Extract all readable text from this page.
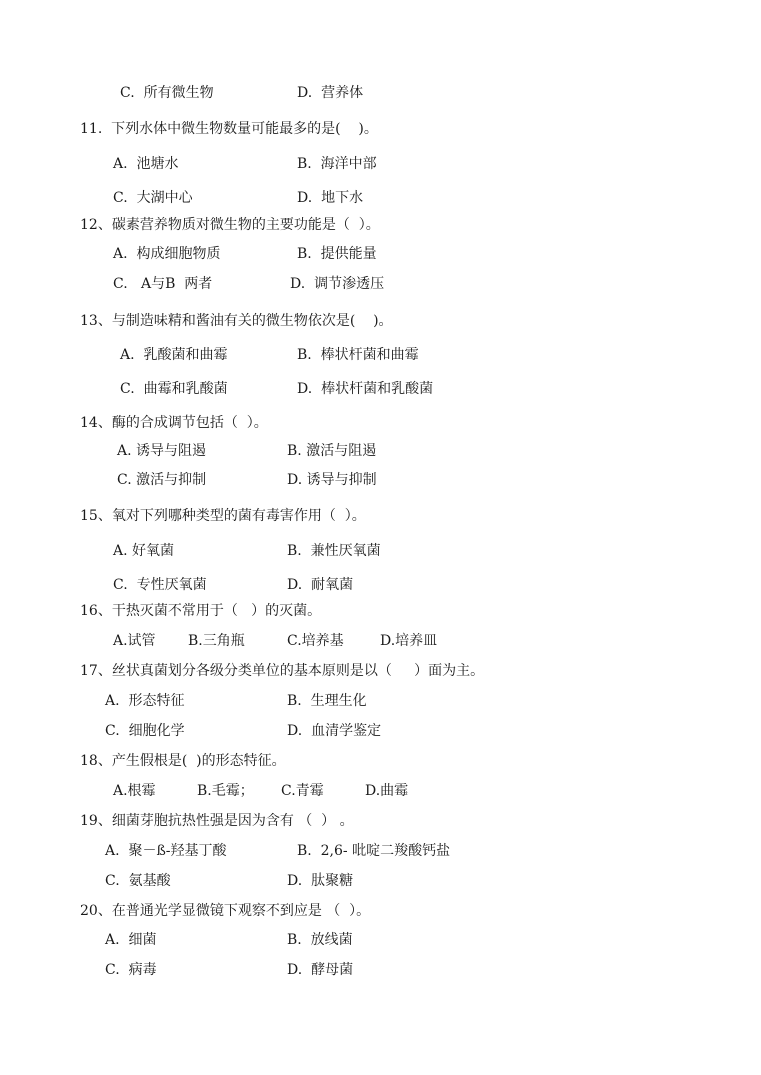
C.  所有微生物	D.  营养体
11.  下列水体中微生物数量可能最多的是(    )。
A.  池塘水	B.  海洋中部
C.  大湖中心	D.  地下水
12、碳素营养物质对微生物的主要功能是（  ）。
A.  构成细胞物质	B.  提供能量
C.   A与B  两者	D.  调节渗透压
13、与制造味精和酱油有关的微生物依次是(    )。
A.  乳酸菌和曲霉	B.  棒状杆菌和曲霉
C.  曲霉和乳酸菌	D.  棒状杆菌和乳酸菌
14、酶的合成调节包括（  ）。
A. 诱导与阻遏	B. 激活与阻遏
C. 激活与抑制	D. 诱导与抑制
15、氧对下列哪种类型的菌有毒害作用（  ）。
A. 好氧菌	B.  兼性厌氧菌
C.  专性厌氧菌	D.  耐氧菌
16、干热灭菌不常用于（   ）的灭菌。
A.试管 B.三角瓶	C.培养基	D.培养皿
17、丝状真菌划分各级分类单位的基本原则是以（     ）面为主。
A.  形态特征	B.  生理生化
C.  细胞化学	D.  血清学鉴定
18、产生假根是(  )的形态特征。
A.根霉	B.毛霉； C.青霉	D.曲霉
19、细菌芽胞抗热性强是因为含有 （  ） 。
A.  聚－ß-羟基丁酸	B.  2,6- 吡啶二羧酸钙盐
C.  氨基酸	D.  肽聚糖
20、在普通光学显微镜下观察不到应是 （  ）。
A.  细菌	B.  放线菌
C.  病毒	D.  酵母菌
